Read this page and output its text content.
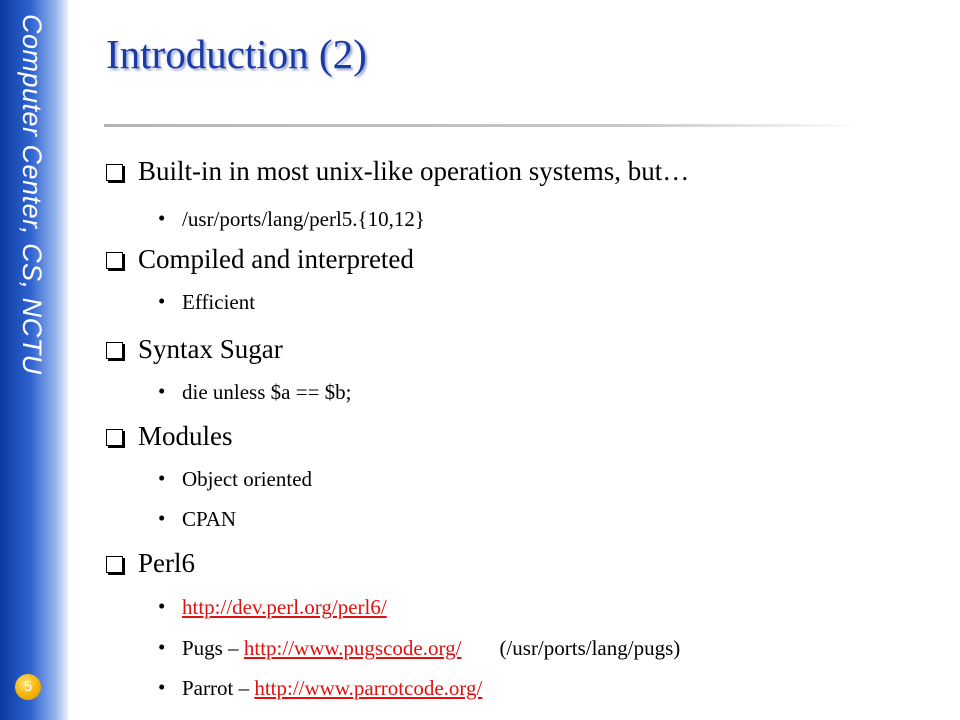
Computer Center, CS, NCTU
5
Introduction (2)
Built-in in most unix-like operation systems, but…
• /usr/ports/lang/perl5.{10,12}
Compiled and interpreted
• Efficient
Syntax Sugar
• die unless $a == $b;
Modules
• Object oriented
• CPAN
Perl6
• http://dev.perl.org/perl6/
• Pugs – http://www.pugscode.org/ (/usr/ports/lang/pugs)
• Parrot – http://www.parrotcode.org/
